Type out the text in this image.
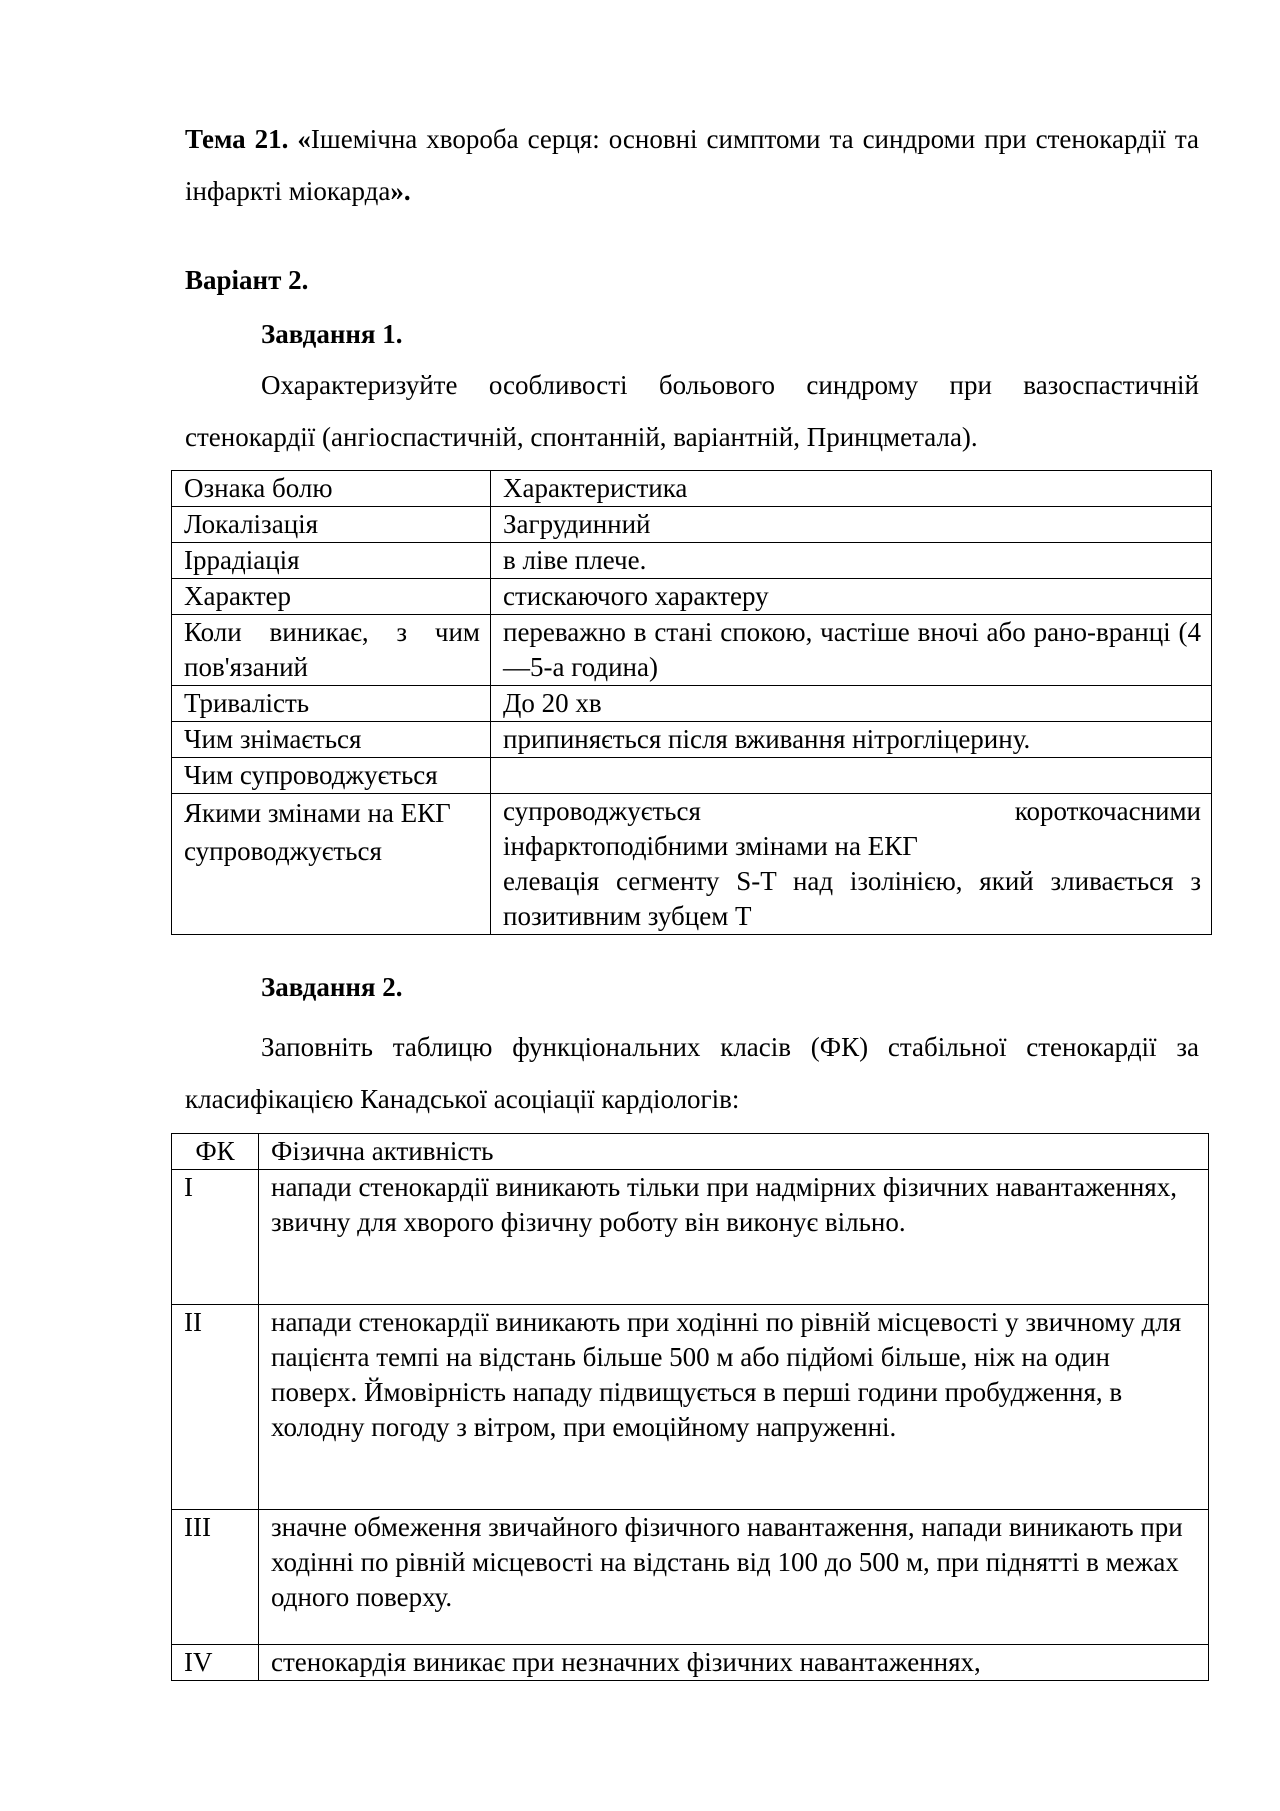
Тема 21. «Ішемічна хвороба серця: основні симптоми та синдроми при стенокардії та інфаркті міокарда».
Варіант 2.
Завдання 1.
Охарактеризуйте особливості больового синдрому при вазоспастичній стенокардії (ангіоспастичній, спонтанній, варіантній, Принцметала).
Ознака болю	Характеристика
Локалізація	Загрудинний
Іррадіація	в ліве плече.
Характер	стискаючого характеру
Коли виникає, з чим пов'язаний	переважно в стані спокою, частіше вночі або рано-вранці (4—5-а година)
Тривалість	До 20 хв
Чим знімається	припиняється після вживання нітрогліцерину.
Чим супроводжується	
Якими змінами на ЕКГ супроводжується	супроводжується короткочасними
інфарктоподібними змінами на ЕКГ
елевація сегменту S-T над ізолінією, який зливається з позитивним зубцем T
Завдання 2.
Заповніть таблицю функціональних класів (ФК) стабільної стенокардії за класифікацією Канадської асоціації кардіологів:
ФК	Фізична активність
I	напади стенокардії виникають тільки при надмірних фізичних навантаженнях, звичну для хворого фізичну роботу він виконує вільно.
II	напади стенокардії виникають при ходінні по рівній місцевості у звичному для пацієнта темпі на відстань більше 500 м або підйомі більше, ніж на один поверх. Ймовірність нападу підвищується в перші години пробудження, в холодну погоду з вітром, при емоційному напруженні.
III	значне обмеження звичайного фізичного навантаження, напади виникають при ходінні по рівній місцевості на відстань від 100 до 500 м, при піднятті в межах одного поверху.
IV	стенокардія виникає при незначних фізичних навантаженнях,
